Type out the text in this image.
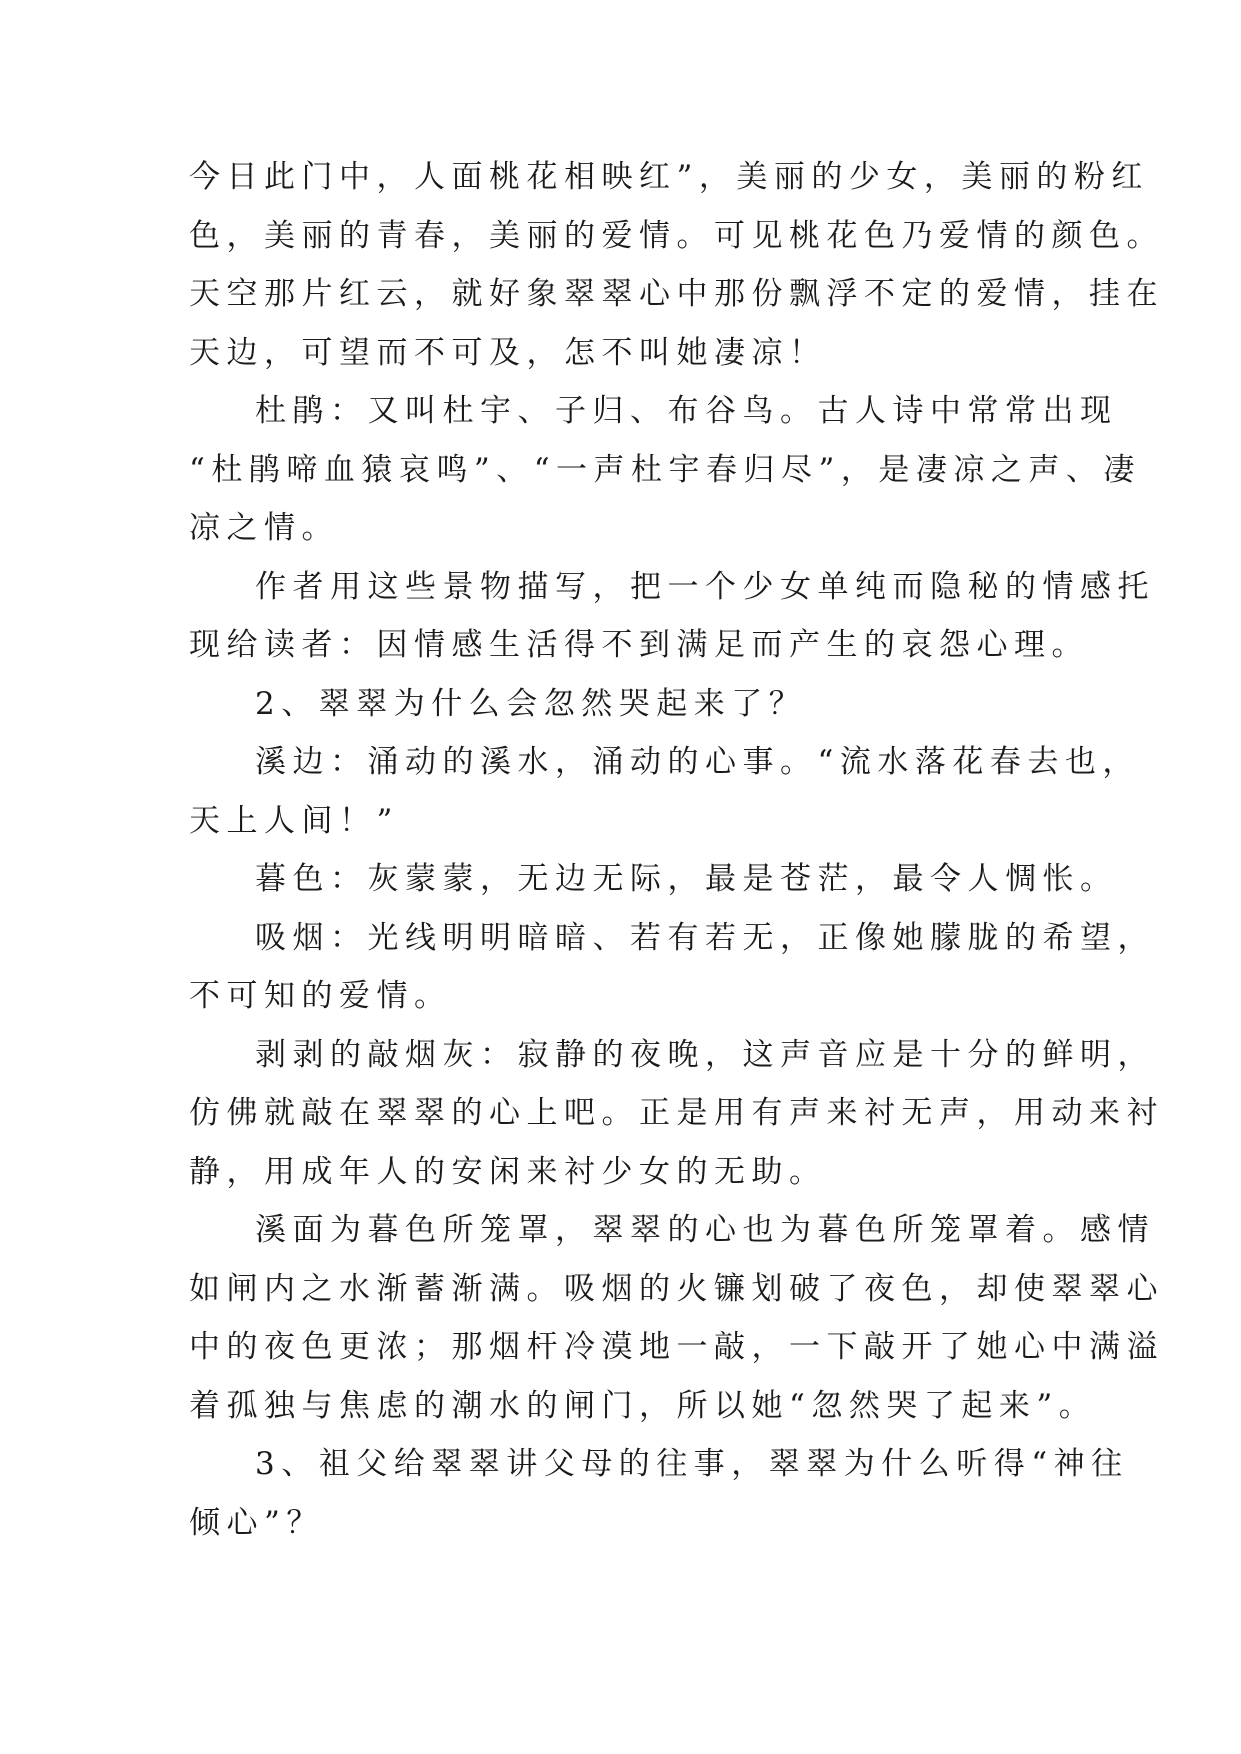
今日此门中，人面桃花相映红”，美丽的少女，美丽的粉红
色，美丽的青春，美丽的爱情。可见桃花色乃爱情的颜色。
天空那片红云，就好象翠翠心中那份飘浮不定的爱情，挂在
天边，可望而不可及，怎不叫她凄凉！
杜鹃：又叫杜宇、子归、布谷鸟。古人诗中常常出现
“杜鹃啼血猿哀鸣”、“一声杜宇春归尽”，是凄凉之声、凄
凉之情。
作者用这些景物描写，把一个少女单纯而隐秘的情感托
现给读者：因情感生活得不到满足而产生的哀怨心理。
2、翠翠为什么会忽然哭起来了？
溪边：涌动的溪水，涌动的心事。“流水落花春去也，
天上人间！”
暮色：灰蒙蒙，无边无际，最是苍茫，最令人惆怅。
吸烟：光线明明暗暗、若有若无，正像她朦胧的希望，
不可知的爱情。
剥剥的敲烟灰：寂静的夜晚，这声音应是十分的鲜明，
仿佛就敲在翠翠的心上吧。正是用有声来衬无声，用动来衬
静，用成年人的安闲来衬少女的无助。
溪面为暮色所笼罩，翠翠的心也为暮色所笼罩着。感情
如闸内之水渐蓄渐满。吸烟的火镰划破了夜色，却使翠翠心
中的夜色更浓；那烟杆冷漠地一敲，一下敲开了她心中满溢
着孤独与焦虑的潮水的闸门，所以她“忽然哭了起来”。
3、祖父给翠翠讲父母的往事，翠翠为什么听得“神往
倾心”？
